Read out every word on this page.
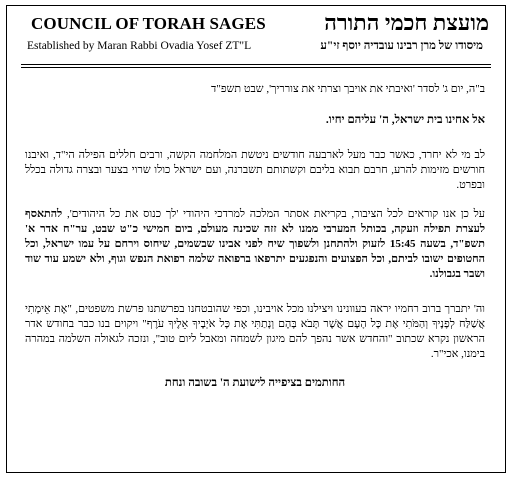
COUNCIL OF TORAH SAGES
Established by Maran Rabbi Ovadia Yosef ZT"L
מועצת חכמי התורה
מיסודו של מרן רבינו עובדיה יוסף זי"ע

ב"ה, יום ג' לסדר 'ואיבתי את אויבך וצרתי את צורריך', שבט תשפ"ד

אל אחינו בית ישראל, ה' עליהם יחיו.

לב מי לא יחרד, כאשר כבר מעל לארבעה חודשים ניטשת המלחמה הקשה, ורבים חללים הפילה הי"ד, ואיבנו חורשים מזימות להרע, חרבם תבוא בליבם וקשתותם תשברנה, ועם ישראל כולו שרוי בצער ובצרה גדולה בכלל ובפרט.

על כן אנו קוראים לכל הציבור, בקריאת אסתר המלכה למרדכי היהודי 'לך כנוס את כל היהודים', להתאסף לעצרת תפילה וזעקה, בכותל המערבי ממנו לא זזה שכינה מעולם, ביום חמישי כ"ט שבט, ער"ח אדר א' תשפ"ד, בשעה 15:45 לזעוק ולהתחנן ולשפוך שיח לפני אבינו שבשמים, שיחוס וירחם על עמו ישראל, וכל החטופים ישובו לביתם, וכל הפצועים והנפגעים יתרפאו ברפואה שלמה רפואת הנפש וגוף, ולא ישמע עוד שוד ושבר בגבולנו.

וה' יתברך ברוב רחמיו יראה בעוונינו ויצילנו מכל אויבינו, וכפי שהובטחנו בפרשתנו פרשת משפטים, "אֶת אֵימָתִי אֲשַׁלַּח לְפָנֶיךָ וְהַמֹּתִי אֶת כָּל הָעָם אֲשֶׁר תָּבֹא בָּהֶם וְנָתַתִּי אֶת כָּל אֹיְבֶיךָ אֵלֶיךָ עֹרֶף" ויקוים בנו כבר בחודש אדר הראשון נקרא שכתוב "והחדש אשר נהפך להם מיגון לשמחה ומאבל ליום טוב", ונזכה לגאולה השלמה במהרה בימנו, אכי"ר.

החותמים בציפייה לישועת ה' בשובה ונחת
